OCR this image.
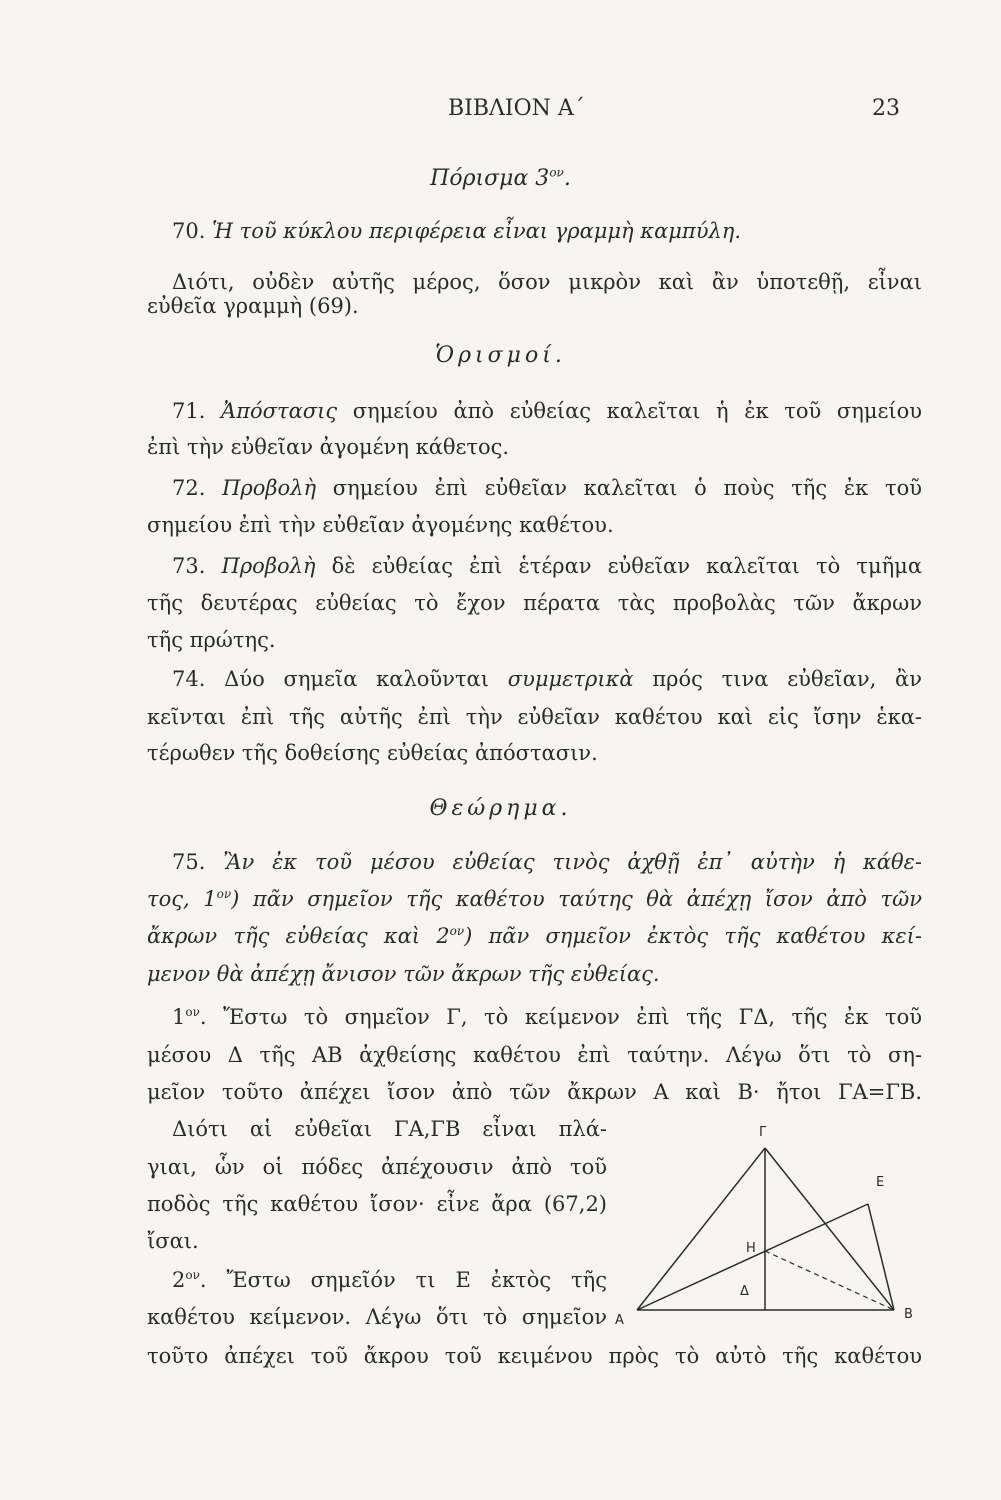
ΒΙΒΛΙΟΝ Α΄	23
Πόρισμα $3^{o\nu}$.
70. Ἡ τοῦ κύκλου περιφέρεια εἶναι γραμμὴ καμπύλη.
Διότι, οὐδὲν αὐτῆς μέρος, ὅσον μικρὸν καὶ ἂν ὑποτεθῇ, εἶναι
εὐθεῖα γραμμὴ (69).
Ὁρισμοί.
71. Ἀπόστασις σημείου ἀπὸ εὐθείας καλεῖται ἡ ἐκ τοῦ σημείου
ἐπὶ τὴν εὐθεῖαν ἀγομένη κάθετος.
72. Προβολὴ σημείου ἐπὶ εὐθεῖαν καλεῖται ὁ ποὺς τῆς ἐκ τοῦ
σημείου ἐπὶ τὴν εὐθεῖαν ἀγομένης καθέτου.
73. Προβολὴ δὲ εὐθείας ἐπὶ ἑτέραν εὐθεῖαν καλεῖται τὸ τμῆμα
τῆς δευτέρας εὐθείας τὸ ἔχον πέρατα τὰς προβολὰς τῶν ἄκρων
τῆς πρώτης.
74. Δύο σημεῖα καλοῦνται συμμετρικὰ πρός τινα εὐθεῖαν, ἂν
κεῖνται ἐπὶ τῆς αὐτῆς ἐπὶ τὴν εὐθεῖαν καθέτου καὶ εἰς ἴσην ἑκα-
τέρωθεν τῆς δοθείσης εὐθείας ἀπόστασιν.
Θεώρημα.
75. Ἂν ἐκ τοῦ μέσου εὐθείας τινὸς ἀχθῇ ἐπ᾿ αὐτὴν ἡ κάθε-
τος, $1^{o\nu}$) πᾶν σημεῖον τῆς καθέτου ταύτης θὰ ἀπέχῃ ἴσον ἀπὸ τῶν
ἄκρων τῆς εὐθείας καὶ $2^{o\nu}$) πᾶν σημεῖον ἐκτὸς τῆς καθέτου κεί-
μενον θὰ ἀπέχῃ ἄνισον τῶν ἄκρων τῆς εὐθείας.
$1^{o\nu}$. Ἔστω τὸ σημεῖον Γ, τὸ κείμενον ἐπὶ τῆς ΓΔ, τῆς ἐκ τοῦ
μέσου Δ τῆς ΑΒ ἀχθείσης καθέτου ἐπὶ ταύτην. Λέγω ὅτι τὸ ση-
μεῖον τοῦτο ἀπέχει ἴσον ἀπὸ τῶν ἄκρων Α καὶ Β· ἤτοι ΓΑ=ΓΒ.
Διότι αἱ εὐθεῖαι ΓΑ,ΓΒ εἶναι πλά-
γιαι, ὧν οἱ πόδες ἀπέχουσιν ἀπὸ τοῦ
ποδὸς τῆς καθέτου ἴσον· εἶνε ἄρα (67,2)
ἴσαι.
$2^{o\nu}$. Ἔστω σημεῖόν τι Ε ἐκτὸς τῆς
καθέτου κείμενον. Λέγω ὅτι τὸ σημεῖον
τοῦτο ἀπέχει τοῦ ἄκρου τοῦ κειμένου πρὸς τὸ αὐτὸ τῆς καθέτου
Γ
Ε
Η
Δ
Α	Β
